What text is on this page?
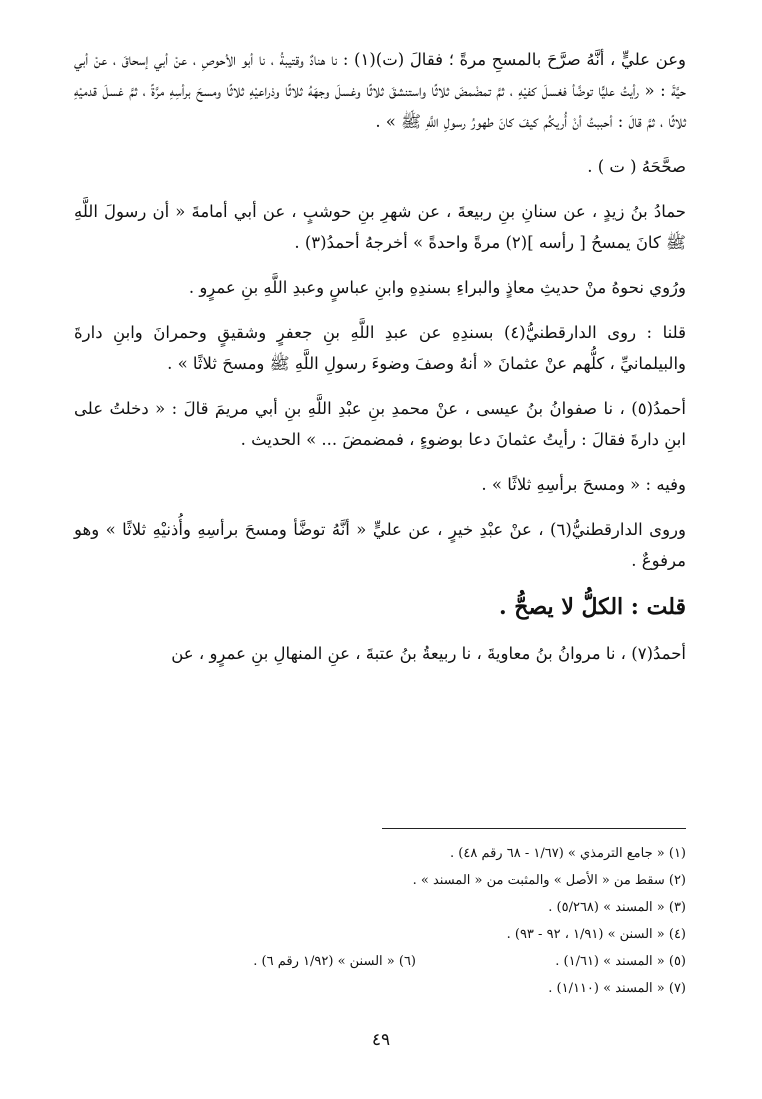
وعن عليٍّ ، أنَّهُ صرَّحَ بالمسحِ مرةً ؛ فقالَ (ت)(١) : نا هنادٌ وقتيبةُ ، نا أبو الأحوصِ ، عنْ أبي إسحاقَ ، عنْ أبي حيَّةَ : « رأيتُ عليًّا توضَّأ فغسلَ كفيْهِ ، ثمَّ تمضْمضَ ثلاثًا واستنشقَ ثلاثًا وغسلَ وجهَهُ ثلاثًا وذراعيْهِ ثلاثًا ومسحَ برأسِهِ مرَّةً ، ثمَّ غسلَ قدميْهِ ثلاثًا ، ثمَّ قالَ : أحببتُ أنْ أُريكُم كيفَ كانَ طهورُ رسولِ اللَّهِ ﷺ » .

صحَّحَهُ ( ت ) .

حمادُ بنُ زيدٍ ، عن سنانِ بنِ ربيعةَ ، عن شهرِ بنِ حوشبٍ ، عن أبي أمامةَ « أن رسولَ اللَّهِ ﷺ كانَ يمسحُ [ رأسه ](٢) مرةً واحدةً » أخرجهُ أحمدُ(٣) .

ورُوي نحوهُ منْ حديثِ معاذٍ والبراءِ بسندِهِ وابنِ عباسٍ وعبدِ اللَّهِ بنِ عمرٍو .

قلنا : روى الدارقطنيُّ(٤) بسندِهِ عن عبدِ اللَّهِ بنِ جعفرٍ وشقيقٍ وحمرانَ وابنِ دارةَ والبيلمانيِّ ، كلُّهم عنْ عثمانَ « أنهُ وصفَ وضوءَ رسولِ اللَّهِ ﷺ ومسحَ ثلاثًا » .

أحمدُ(٥) ، نا صفوانُ بنُ عيسى ، عنْ محمدِ بنِ عبْدِ اللَّهِ بنِ أبي مريمَ قالَ : « دخلتُ على ابنِ دارةَ فقالَ : رأيتُ عثمانَ دعا بوضوءٍ ، فمضمضَ ... » الحديث .

وفيه : « ومسحَ برأسِهِ ثلاثًا » .

وروى الدارقطنيُّ(٦) ، عنْ عبْدِ خيرٍ ، عن عليٍّ « أنَّهُ توضَّأ ومسحَ برأسِهِ وأُذنيْهِ ثلاثًا » وهو مرفوعٌ .

قلت : الكلُّ لا يصحُّ .

أحمدُ(٧) ، نا مروانُ بنُ معاويةَ ، نا ربيعةُ بنُ عتبةَ ، عنِ المنهالِ بنِ عمرٍو ، عن

(١) « جامع الترمذي » (١/٦٧ - ٦٨ رقم ٤٨) .
(٢) سقط من « الأصل » والمثبت من « المسند » .
(٣) « المسند » (٥/٢٦٨) .
(٤) « السنن » (١/٩١ ، ٩٢ - ٩٣) .
(٥) « المسند » (١/٦١) .
(٦) « السنن » (١/٩٢ رقم ٦) .
(٧) « المسند » (١/١١٠) .
٤٩
